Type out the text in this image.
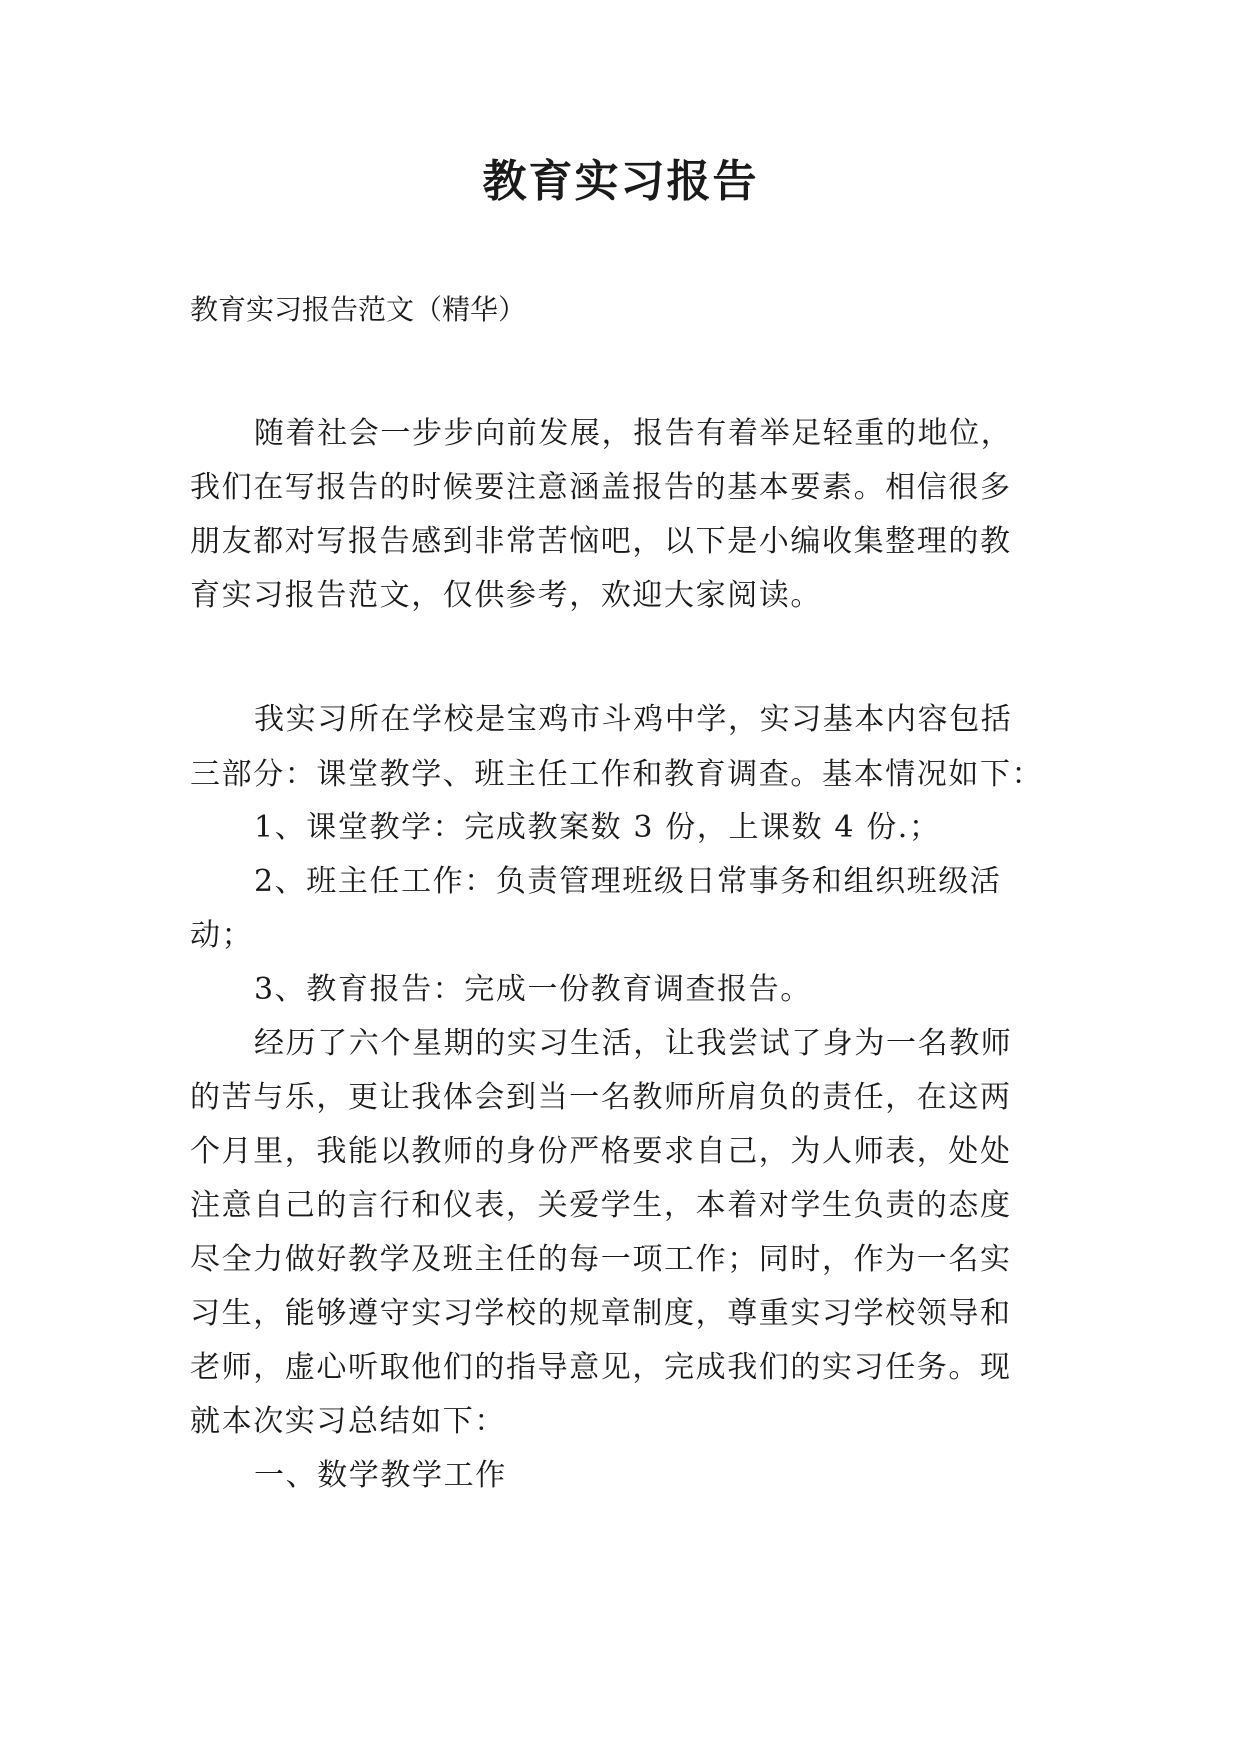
教育实习报告
教育实习报告范文（精华）
随着社会一步步向前发展，报告有着举足轻重的地位，
我们在写报告的时候要注意涵盖报告的基本要素。相信很多
朋友都对写报告感到非常苦恼吧，以下是小编收集整理的教
育实习报告范文，仅供参考，欢迎大家阅读。
我实习所在学校是宝鸡市斗鸡中学，实习基本内容包括
三部分：课堂教学、班主任工作和教育调查。基本情况如下：
1、课堂教学：完成教案数 3 份，上课数 4 份.；
2、班主任工作：负责管理班级日常事务和组织班级活
动；
3、教育报告：完成一份教育调查报告。
经历了六个星期的实习生活，让我尝试了身为一名教师
的苦与乐，更让我体会到当一名教师所肩负的责任，在这两
个月里，我能以教师的身份严格要求自己，为人师表，处处
注意自己的言行和仪表，关爱学生，本着对学生负责的态度
尽全力做好教学及班主任的每一项工作；同时，作为一名实
习生，能够遵守实习学校的规章制度，尊重实习学校领导和
老师，虚心听取他们的指导意见，完成我们的实习任务。现
就本次实习总结如下：
一、数学教学工作
